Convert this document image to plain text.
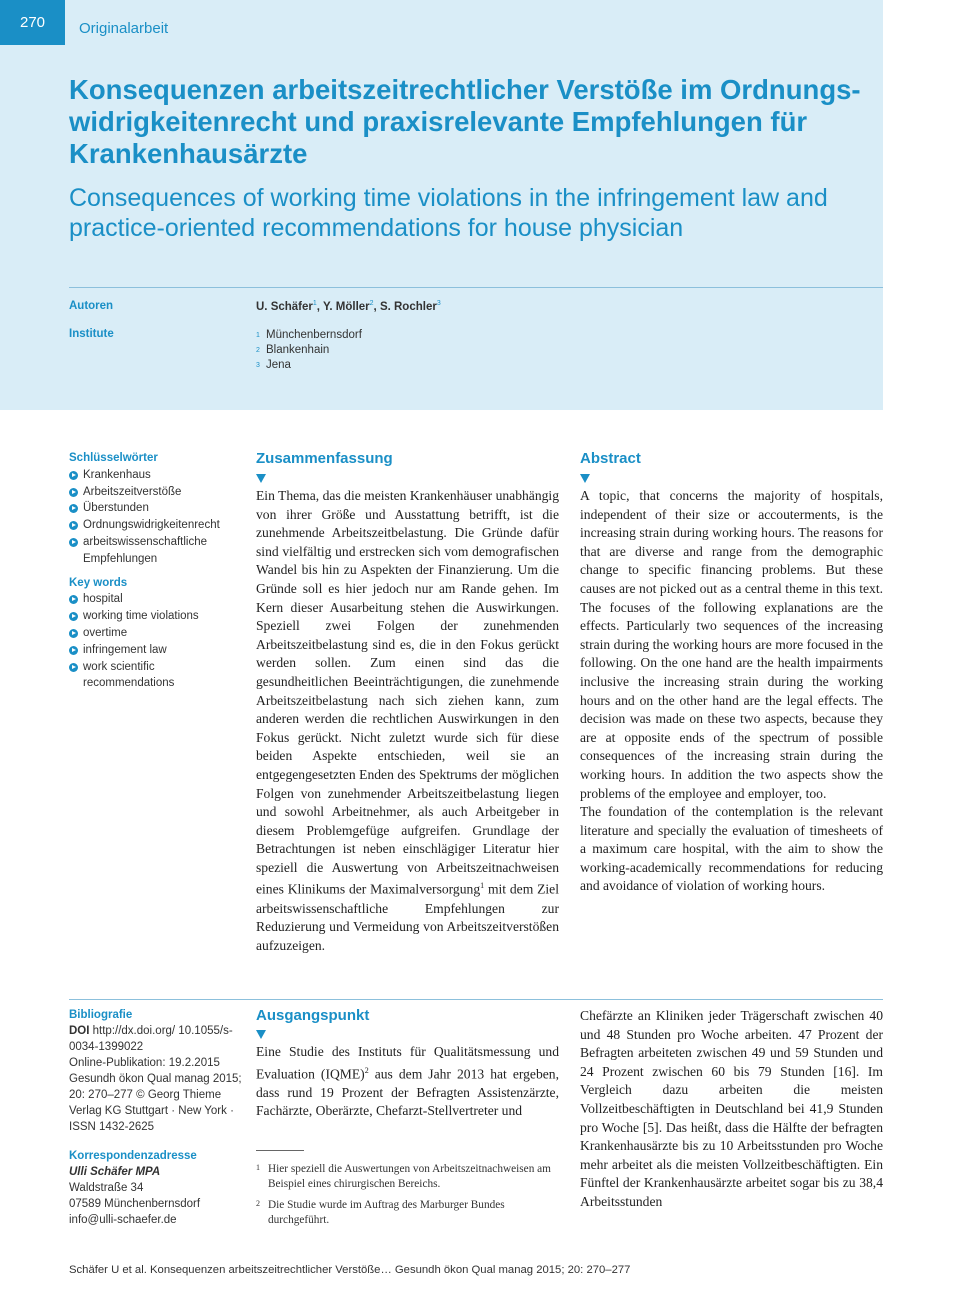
270	Originalarbeit
Konsequenzen arbeitszeitrechtlicher Verstöße im Ordnungs- widrigkeitenrecht und praxisrelevante Empfehlungen für Krankenhausärzte
Consequences of working time violations in the infringement law and practice-oriented recommendations for house physician
Autoren	U. Schäfer$^1$, Y. Möller$^2$, S. Rochler$^3$
Institute	$^1$ Münchenbernsdorf
$^2$ Blankenhain
$^3$ Jena
Schlüsselwörter
Krankenhaus
Arbeitszeitverstöße
Überstunden
Ordnungswidrigkeitenrecht
arbeitswissenschaftliche Empfehlungen
Key words
hospital
working time violations
overtime
infringement law
work scientific recommendations
Zusammenfassung
Ein Thema, das die meisten Krankenhäuser unabhängig von ihrer Größe und Ausstattung betrifft, ist die zunehmende Arbeitszeitbelastung. Die Gründe dafür sind vielfältig und erstrecken sich vom demografischen Wandel bis hin zu Aspekten der Finanzierung. Um die Gründe soll es hier jedoch nur am Rande gehen. Im Kern dieser Ausarbeitung stehen die Auswirkungen. Speziell zwei Folgen der zunehmenden Arbeitszeitbelastung sind es, die in den Fokus gerückt werden sollen. Zum einen sind das die gesundheitlichen Beeinträchtigungen, die zunehmende Arbeitszeitbelastung nach sich ziehen kann, zum anderen werden die rechtlichen Auswirkungen in den Fokus gerückt. Nicht zuletzt wurde sich für diese beiden Aspekte entschieden, weil sie an entgegengesetzten Enden des Spektrums der möglichen Folgen von zunehmender Arbeitszeitbelastung liegen und sowohl Arbeitnehmer, als auch Arbeitgeber in diesem Problemgefüge aufgreifen. Grundlage der Betrachtungen ist neben einschlägiger Literatur hier speziell die Auswertung von Arbeitszeitnachweisen eines Klinikums der Maximalversorgung$^1$ mit dem Ziel arbeitswissenschaftliche Empfehlungen zur Reduzierung und Vermeidung von Arbeitszeitverstößen aufzuzeigen.
Abstract

A topic, that concerns the majority of hospitals, independent of their size or accouterments, is the increasing strain during working hours. The reasons for that are diverse and range from the demographic change to specific financing problems. But these causes are not picked out as a central theme in this text. The focuses of the following explanations are the effects. Particularly two sequences of the increasing strain during the working hours are more focused in the following. On the one hand are the health impairments inclusive the increasing strain during the working hours and on the other hand are the legal effects. The decision was made on these two aspects, because they are at opposite ends of the spectrum of possible consequences of the increasing strain during the working hours. In addition the two aspects show the problems of the employee and employer, too.

The foundation of the contemplation is the relevant literature and specially the evaluation of timesheets of a maximum care hospital, with the aim to show the working-academically recommendations for reducing and avoidance of violation of working hours.

Bibliografie
DOI http://dx.doi.org/ 10.1055/s-0034-1399022
Online-Publikation: 19.2.2015
Gesundh ökon Qual manag 2015; 20: 270–277 © Georg Thieme Verlag KG Stuttgart · New York · ISSN 1432-2625
Korrespondenzadresse
Ulli Schäfer MPA
Waldstraße 34
07589 Münchenbernsdorf
info@ulli-schaefer.de
Ausgangspunkt
Eine Studie des Instituts für Qualitätsmessung und Evaluation (IQME)$^2$ aus dem Jahr 2013 hat ergeben, dass rund 19 Prozent der Befragten Assistenzärzte, Fachärzte, Oberärzte, Chefarzt-Stellvertreter und
1 Hier speziell die Auswertungen von Arbeitszeitnachweisen am Beispiel eines chirurgischen Bereichs.
2 Die Studie wurde im Auftrag des Marburger Bundes durchgeführt.
Chefärzte an Kliniken jeder Trägerschaft zwischen 40 und 48 Stunden pro Woche arbeiten. 47 Prozent der Befragten arbeiteten zwischen 49 und 59 Stunden und 24 Prozent zwischen 60 bis 79 Stunden [16]. Im Vergleich dazu arbeiten die meisten Vollzeitbeschäftigten in Deutschland bei 41,9 Stunden pro Woche [5]. Das heißt, dass die Hälfte der befragten Krankenhausärzte bis zu 10 Arbeitsstunden pro Woche mehr arbeitet als die meisten Vollzeitbeschäftigten. Ein Fünftel der Krankenhausärzte arbeitet sogar bis zu 38,4 Arbeitsstunden
Schäfer U et al. Konsequenzen arbeitszeitrechtlicher Verstöße… Gesundh ökon Qual manag 2015; 20: 270–277
